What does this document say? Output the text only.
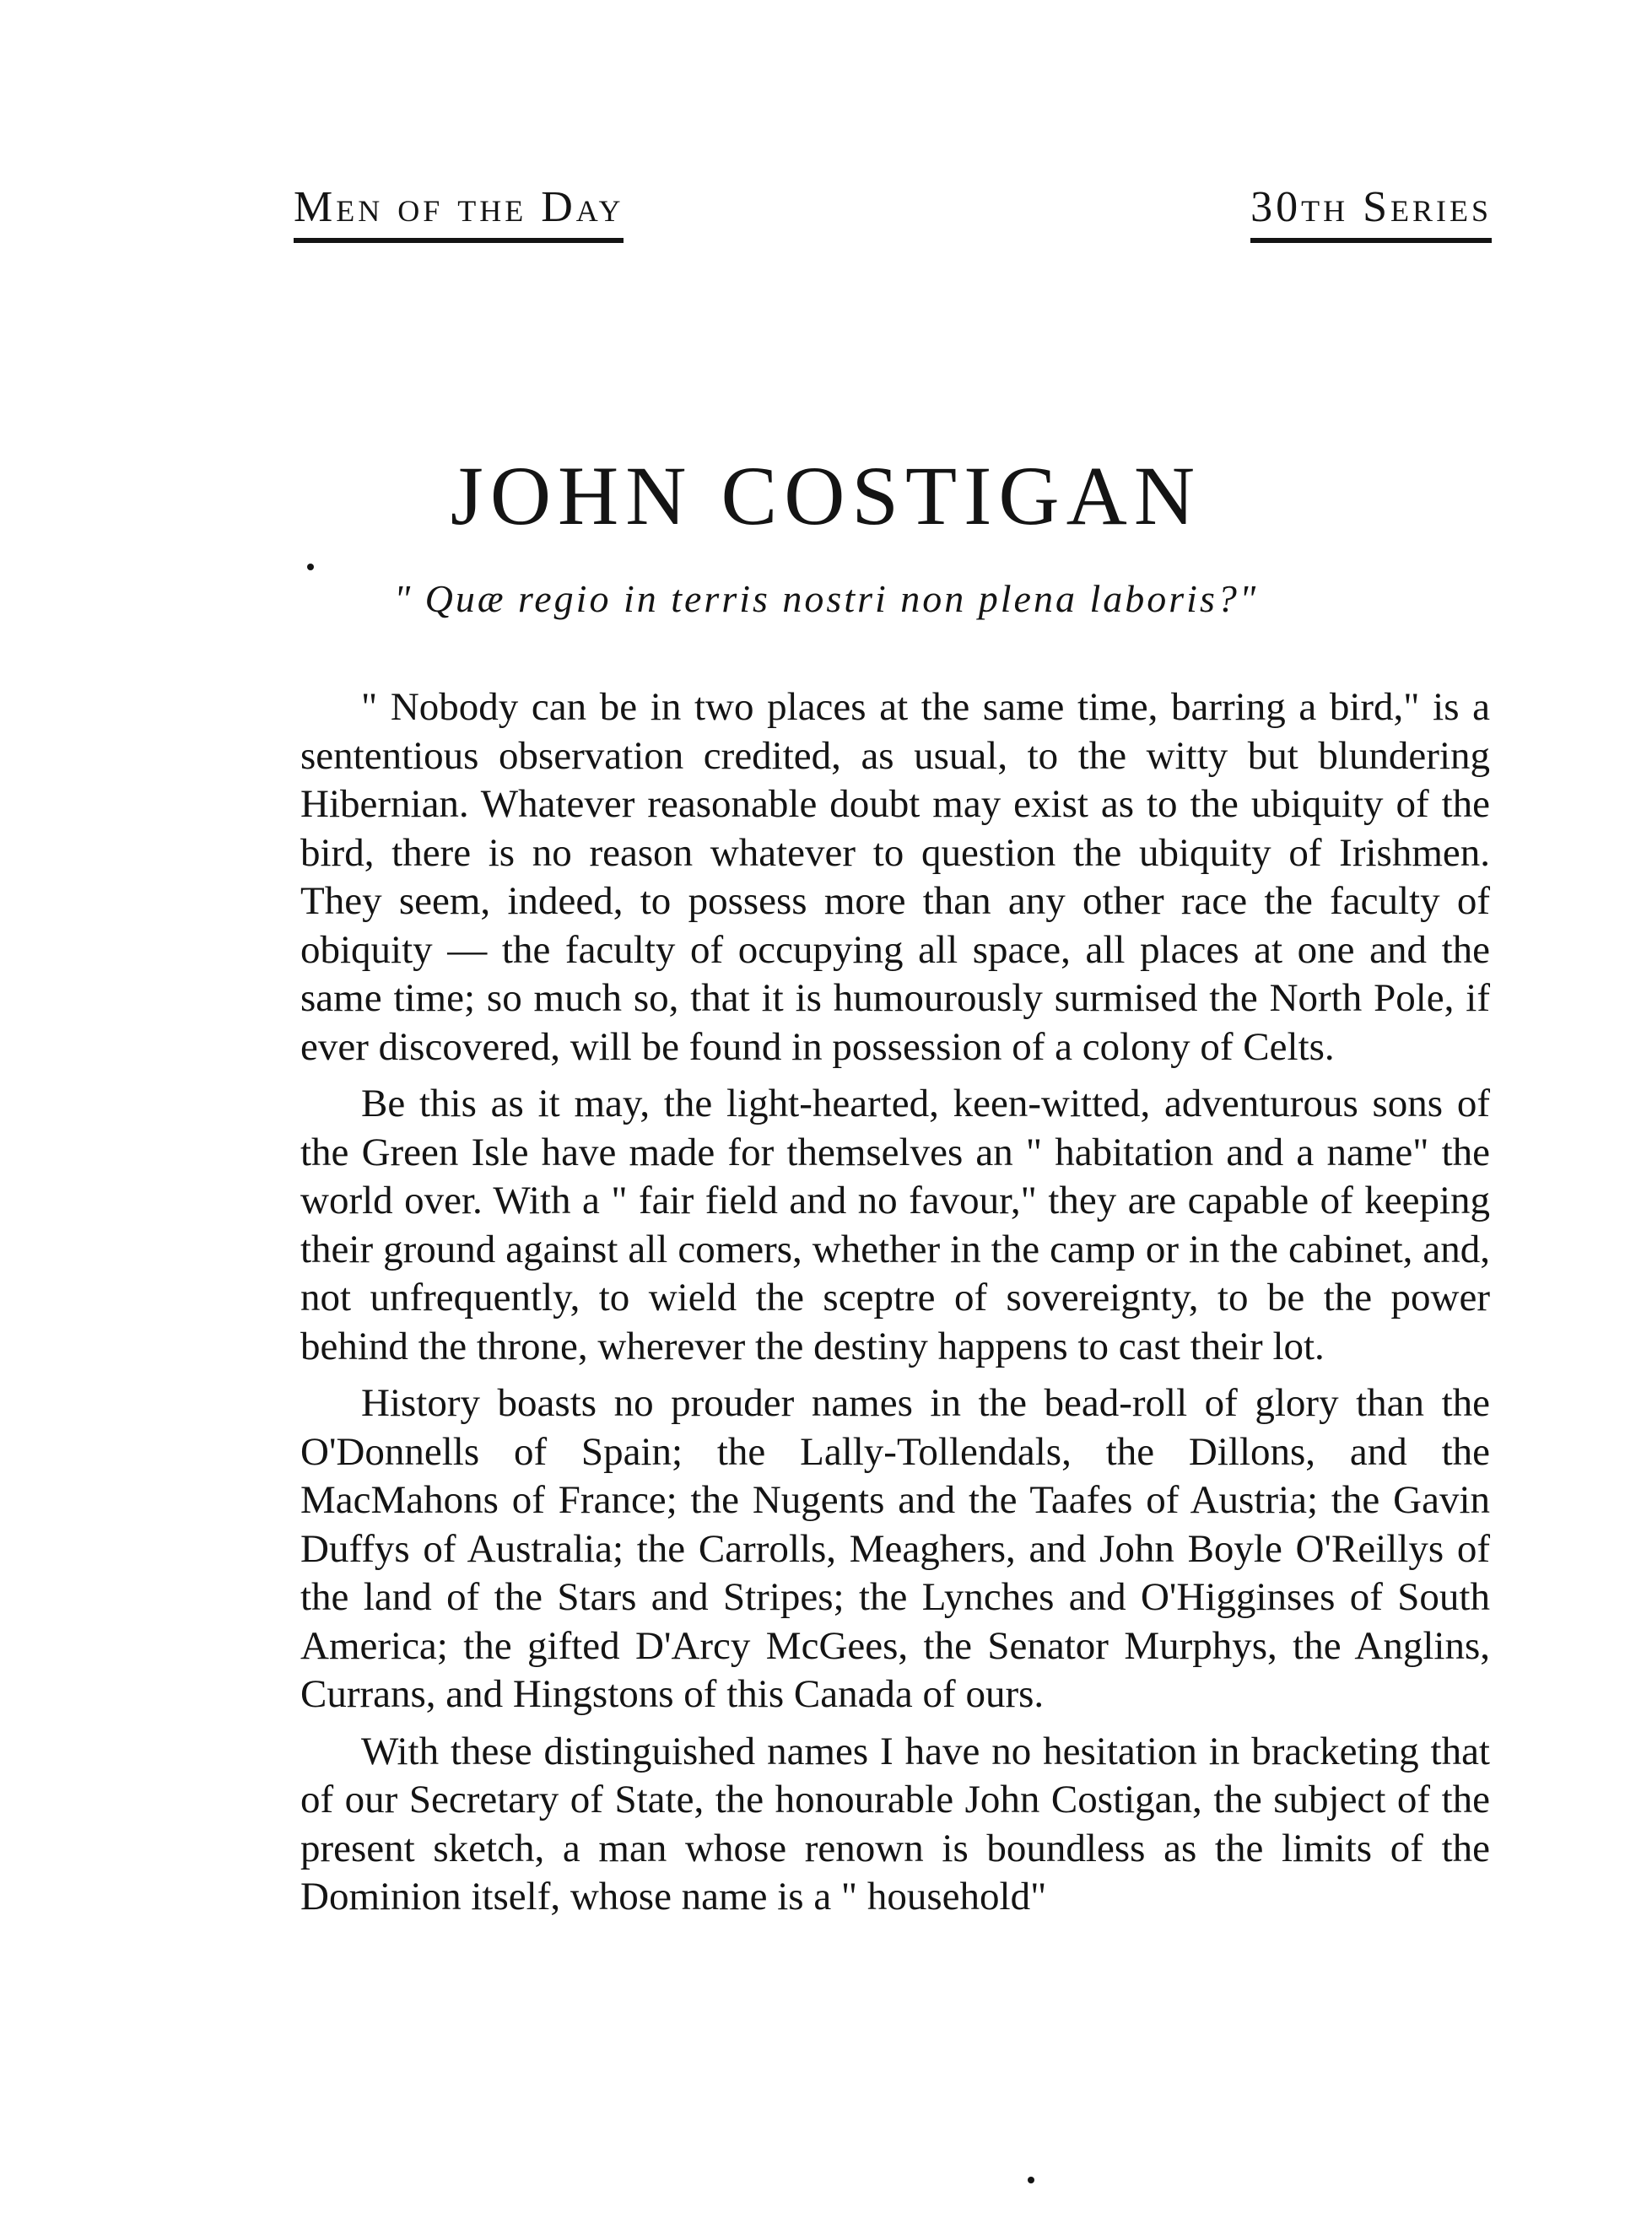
Men of the Day	30th Series
JOHN COSTIGAN

" Quæ regio in terris nostri non plena laboris?"

" Nobody can be in two places at the same time, barring a bird," is a sententious observation credited, as usual, to the witty but blundering Hibernian. Whatever reasonable doubt may exist as to the ubiquity of the bird, there is no reason whatever to question the ubiquity of Irishmen. They seem, indeed, to possess more than any other race the faculty of obiquity — the faculty of occupying all space, all places at one and the same time; so much so, that it is humourously surmised the North Pole, if ever discovered, will be found in possession of a colony of Celts.

Be this as it may, the light-hearted, keen-witted, adventurous sons of the Green Isle have made for themselves an " habitation and a name" the world over. With a " fair field and no favour," they are capable of keeping their ground against all comers, whether in the camp or in the cabinet, and, not unfrequently, to wield the sceptre of sovereignty, to be the power behind the throne, wherever the destiny happens to cast their lot.

History boasts no prouder names in the bead-roll of glory than the O'Donnells of Spain; the Lally-Tollendals, the Dillons, and the MacMahons of France; the Nugents and the Taafes of Austria; the Gavin Duffys of Australia; the Carrolls, Meaghers, and John Boyle O'Reillys of the land of the Stars and Stripes; the Lynches and O'Higginses of South America; the gifted D'Arcy McGees, the Senator Murphys, the Anglins, Currans, and Hingstons of this Canada of ours.

With these distinguished names I have no hesitation in bracketing that of our Secretary of State, the honourable John Costigan, the subject of the present sketch, a man whose renown is boundless as the limits of the Dominion itself, whose name is a " household"
